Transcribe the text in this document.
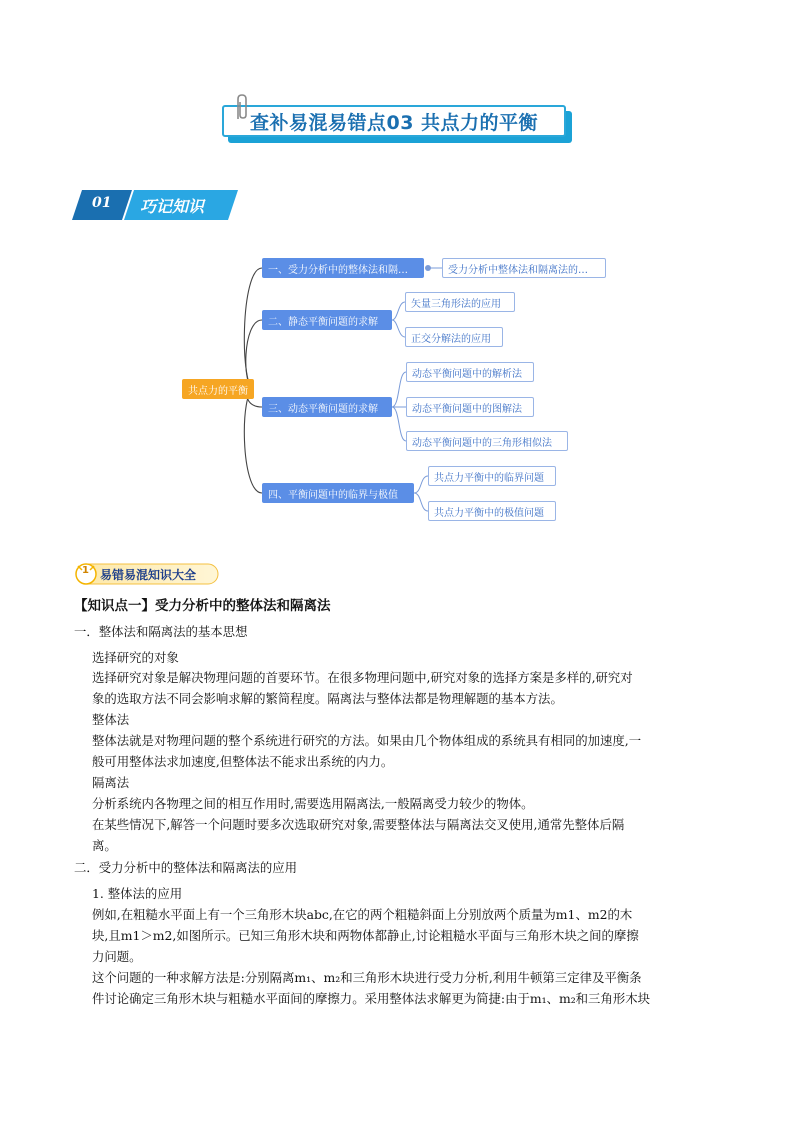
查补易混易错点03 共点力的平衡
01 巧记知识
共点力的平衡
一、受力分析中的整体法和隔…
二、静态平衡问题的求解
三、动态平衡问题的求解
四、平衡问题中的临界与极值
受力分析中整体法和隔离法的…
矢量三角形法的应用
正交分解法的应用
动态平衡问题中的解析法
动态平衡问题中的图解法
动态平衡问题中的三角形相似法
共点力平衡中的临界问题
共点力平衡中的极值问题
1 易错易混知识大全
【知识点一】受力分析中的整体法和隔离法
一．整体法和隔离法的基本思想
选择研究的对象
选择研究对象是解决物理问题的首要环节。在很多物理问题中,研究对象的选择方案是多样的,研究对
象的选取方法不同会影响求解的繁简程度。隔离法与整体法都是物理解题的基本方法。
整体法
整体法就是对物理问题的整个系统进行研究的方法。如果由几个物体组成的系统具有相同的加速度,一
般可用整体法求加速度,但整体法不能求出系统的内力。
隔离法
分析系统内各物理之间的相互作用时,需要选用隔离法,一般隔离受力较少的物体。
在某些情况下,解答一个问题时要多次选取研究对象,需要整体法与隔离法交叉使用,通常先整体后隔
离。
二．受力分析中的整体法和隔离法的应用
1. 整体法的应用
例如,在粗糙水平面上有一个三角形木块abc,在它的两个粗糙斜面上分别放两个质量为m1、m2的木
块,且m1＞m2,如图所示。已知三角形木块和两物体都静止,讨论粗糙水平面与三角形木块之间的摩擦
力问题。
这个问题的一种求解方法是:分别隔离m₁、m₂和三角形木块进行受力分析,利用牛顿第三定律及平衡条
件讨论确定三角形木块与粗糙水平面间的摩擦力。采用整体法求解更为简捷:由于m₁、m₂和三角形木块
